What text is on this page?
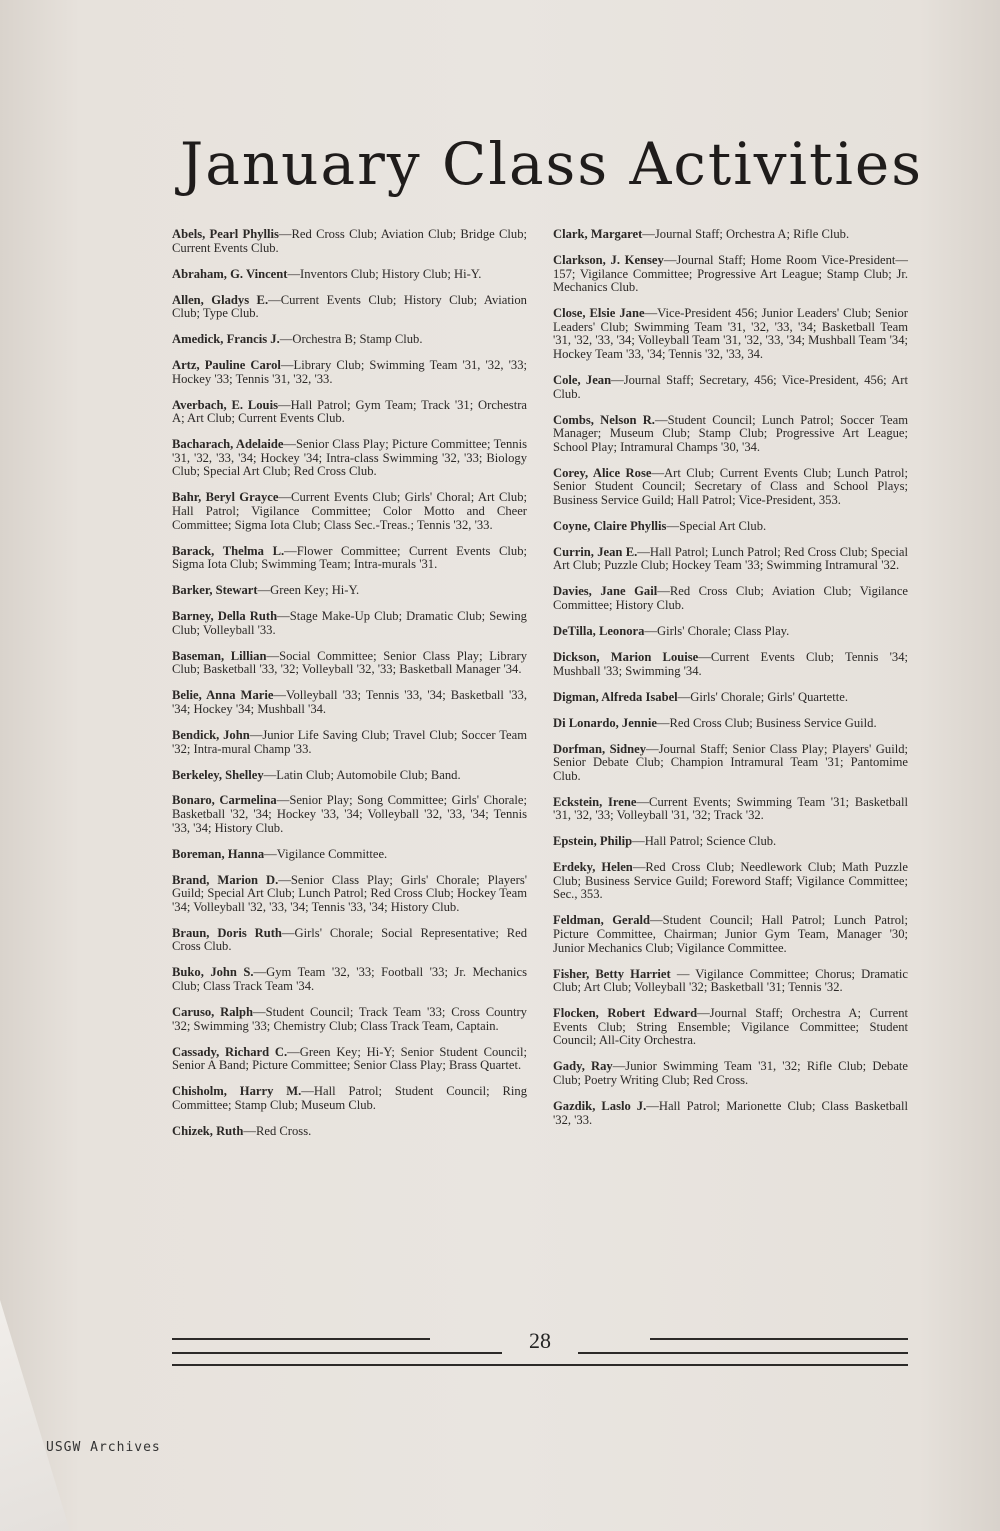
January Class Activities

Abels, Pearl Phyllis—Red Cross Club; Aviation Club; Bridge Club; Current Events Club.

Abraham, G. Vincent—Inventors Club; History Club; Hi-Y.

Allen, Gladys E.—Current Events Club; History Club; Aviation Club; Type Club.

Amedick, Francis J.—Orchestra B; Stamp Club.

Artz, Pauline Carol—Library Club; Swimming Team '31, '32, '33; Hockey '33; Tennis '31, '32, '33.

Averbach, E. Louis—Hall Patrol; Gym Team; Track '31; Orchestra A; Art Club; Current Events Club.

Bacharach, Adelaide—Senior Class Play; Picture Committee; Tennis '31, '32, '33, '34; Hockey '34; Intra-class Swimming '32, '33; Biology Club; Special Art Club; Red Cross Club.

Bahr, Beryl Grayce—Current Events Club; Girls' Choral; Art Club; Hall Patrol; Vigilance Committee; Color Motto and Cheer Committee; Sigma Iota Club; Class Sec.-Treas.; Tennis '32, '33.

Barack, Thelma L.—Flower Committee; Current Events Club; Sigma Iota Club; Swimming Team; Intra-murals '31.

Barker, Stewart—Green Key; Hi-Y.

Barney, Della Ruth—Stage Make-Up Club; Dramatic Club; Sewing Club; Volleyball '33.

Baseman, Lillian—Social Committee; Senior Class Play; Library Club; Basketball '33, '32; Volleyball '32, '33; Basketball Manager '34.

Belie, Anna Marie—Volleyball '33; Tennis '33, '34; Basketball '33, '34; Hockey '34; Mushball '34.

Bendick, John—Junior Life Saving Club; Travel Club; Soccer Team '32; Intra-mural Champ '33.

Berkeley, Shelley—Latin Club; Automobile Club; Band.

Bonaro, Carmelina—Senior Play; Song Committee; Girls' Chorale; Basketball '32, '34; Hockey '33, '34; Volleyball '32, '33, '34; Tennis '33, '34; History Club.

Boreman, Hanna—Vigilance Committee.

Brand, Marion D.—Senior Class Play; Girls' Chorale; Players' Guild; Special Art Club; Lunch Patrol; Red Cross Club; Hockey Team '34; Volleyball '32, '33, '34; Tennis '33, '34; History Club.

Braun, Doris Ruth—Girls' Chorale; Social Representative; Red Cross Club.

Buko, John S.—Gym Team '32, '33; Football '33; Jr. Mechanics Club; Class Track Team '34.

Caruso, Ralph—Student Council; Track Team '33; Cross Country '32; Swimming '33; Chemistry Club; Class Track Team, Captain.

Cassady, Richard C.—Green Key; Hi-Y; Senior Student Council; Senior A Band; Picture Committee; Senior Class Play; Brass Quartet.

Chisholm, Harry M.—Hall Patrol; Student Council; Ring Committee; Stamp Club; Museum Club.

Chizek, Ruth—Red Cross.

Clark, Margaret—Journal Staff; Orchestra A; Rifle Club.

Clarkson, J. Kensey—Journal Staff; Home Room Vice-President—157; Vigilance Committee; Progressive Art League; Stamp Club; Jr. Mechanics Club.

Close, Elsie Jane—Vice-President 456; Junior Leaders' Club; Senior Leaders' Club; Swimming Team '31, '32, '33, '34; Basketball Team '31, '32, '33, '34; Volleyball Team '31, '32, '33, '34; Mushball Team '34; Hockey Team '33, '34; Tennis '32, '33, 34.

Cole, Jean—Journal Staff; Secretary, 456; Vice-President, 456; Art Club.

Combs, Nelson R.—Student Council; Lunch Patrol; Soccer Team Manager; Museum Club; Stamp Club; Progressive Art League; School Play; Intramural Champs '30, '34.

Corey, Alice Rose—Art Club; Current Events Club; Lunch Patrol; Senior Student Council; Secretary of Class and School Plays; Business Service Guild; Hall Patrol; Vice-President, 353.

Coyne, Claire Phyllis—Special Art Club.

Currin, Jean E.—Hall Patrol; Lunch Patrol; Red Cross Club; Special Art Club; Puzzle Club; Hockey Team '33; Swimming Intramural '32.

Davies, Jane Gail—Red Cross Club; Aviation Club; Vigilance Committee; History Club.

DeTilla, Leonora—Girls' Chorale; Class Play.

Dickson, Marion Louise—Current Events Club; Tennis '34; Mushball '33; Swimming '34.

Digman, Alfreda Isabel—Girls' Chorale; Girls' Quartette.

Di Lonardo, Jennie—Red Cross Club; Business Service Guild.

Dorfman, Sidney—Journal Staff; Senior Class Play; Players' Guild; Senior Debate Club; Champion Intramural Team '31; Pantomime Club.

Eckstein, Irene—Current Events; Swimming Team '31; Basketball '31, '32, '33; Volleyball '31, '32; Track '32.

Epstein, Philip—Hall Patrol; Science Club.

Erdeky, Helen—Red Cross Club; Needlework Club; Math Puzzle Club; Business Service Guild; Foreword Staff; Vigilance Committee; Sec., 353.

Feldman, Gerald—Student Council; Hall Patrol; Lunch Patrol; Picture Committee, Chairman; Junior Gym Team, Manager '30; Junior Mechanics Club; Vigilance Committee.

Fisher, Betty Harriet — Vigilance Committee; Chorus; Dramatic Club; Art Club; Volleyball '32; Basketball '31; Tennis '32.

Flocken, Robert Edward—Journal Staff; Orchestra A; Current Events Club; String Ensemble; Vigilance Committee; Student Council; All-City Orchestra.

Gady, Ray—Junior Swimming Team '31, '32; Rifle Club; Debate Club; Poetry Writing Club; Red Cross.

Gazdik, Laslo J.—Hall Patrol; Marionette Club; Class Basketball '32, '33.

28
USGW Archives
